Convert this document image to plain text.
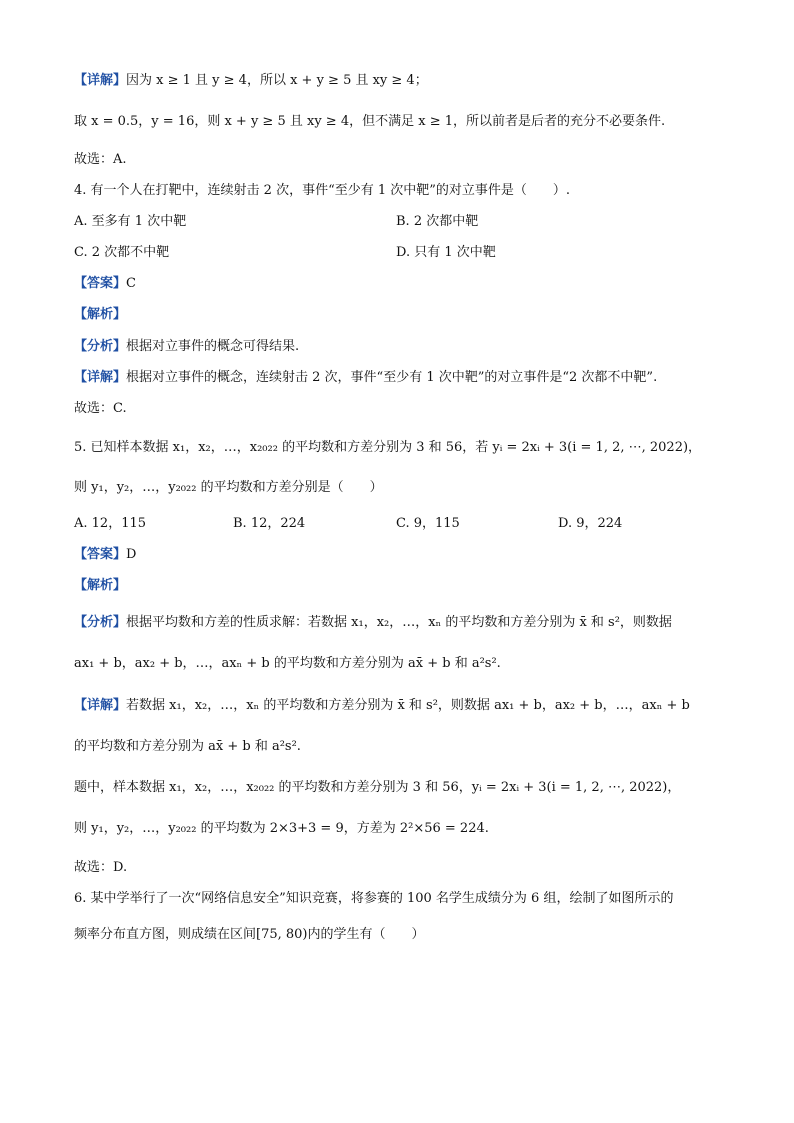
【详解】因为 x ≥ 1 且 y ≥ 4，所以 x + y ≥ 5 且 xy ≥ 4；
取 x = 0.5，y = 16，则 x + y ≥ 5 且 xy ≥ 4，但不满足 x ≥ 1，所以前者是后者的充分不必要条件.
故选：A.
4. 有一个人在打靶中，连续射击 2 次，事件“至少有 1 次中靶”的对立事件是（　　）.
A. 至多有 1 次中靶	B. 2 次都中靶
C. 2 次都不中靶	D. 只有 1 次中靶
【答案】C
【解析】
【分析】根据对立事件的概念可得结果.
【详解】根据对立事件的概念，连续射击 2 次，事件“至少有 1 次中靶”的对立事件是“2 次都不中靶”.
故选：C.
5. 已知样本数据 x₁，x₂，…，x₂₀₂₂ 的平均数和方差分别为 3 和 56，若 yᵢ = 2xᵢ + 3(i = 1, 2, ⋯, 2022)，
则 y₁，y₂，…，y₂₀₂₂ 的平均数和方差分别是（　　）
A. 12，115	B. 12，224	C. 9，115	D. 9，224
【答案】D
【解析】
【分析】根据平均数和方差的性质求解：若数据 x₁，x₂，…，xₙ 的平均数和方差分别为 x̄ 和 s²，则数据
ax₁ + b，ax₂ + b，…，axₙ + b 的平均数和方差分别为 ax̄ + b 和 a²s².
【详解】若数据 x₁，x₂，…，xₙ 的平均数和方差分别为 x̄ 和 s²，则数据 ax₁ + b，ax₂ + b，…，axₙ + b
的平均数和方差分别为 ax̄ + b 和 a²s².
题中，样本数据 x₁，x₂，…，x₂₀₂₂ 的平均数和方差分别为 3 和 56，yᵢ = 2xᵢ + 3(i = 1, 2, ⋯, 2022)，
则 y₁，y₂，…，y₂₀₂₂ 的平均数为 2×3+3 = 9，方差为 2²×56 = 224.
故选：D.
6. 某中学举行了一次“网络信息安全”知识竞赛，将参赛的 100 名学生成绩分为 6 组，绘制了如图所示的
频率分布直方图，则成绩在区间[75, 80)内的学生有（　　）
